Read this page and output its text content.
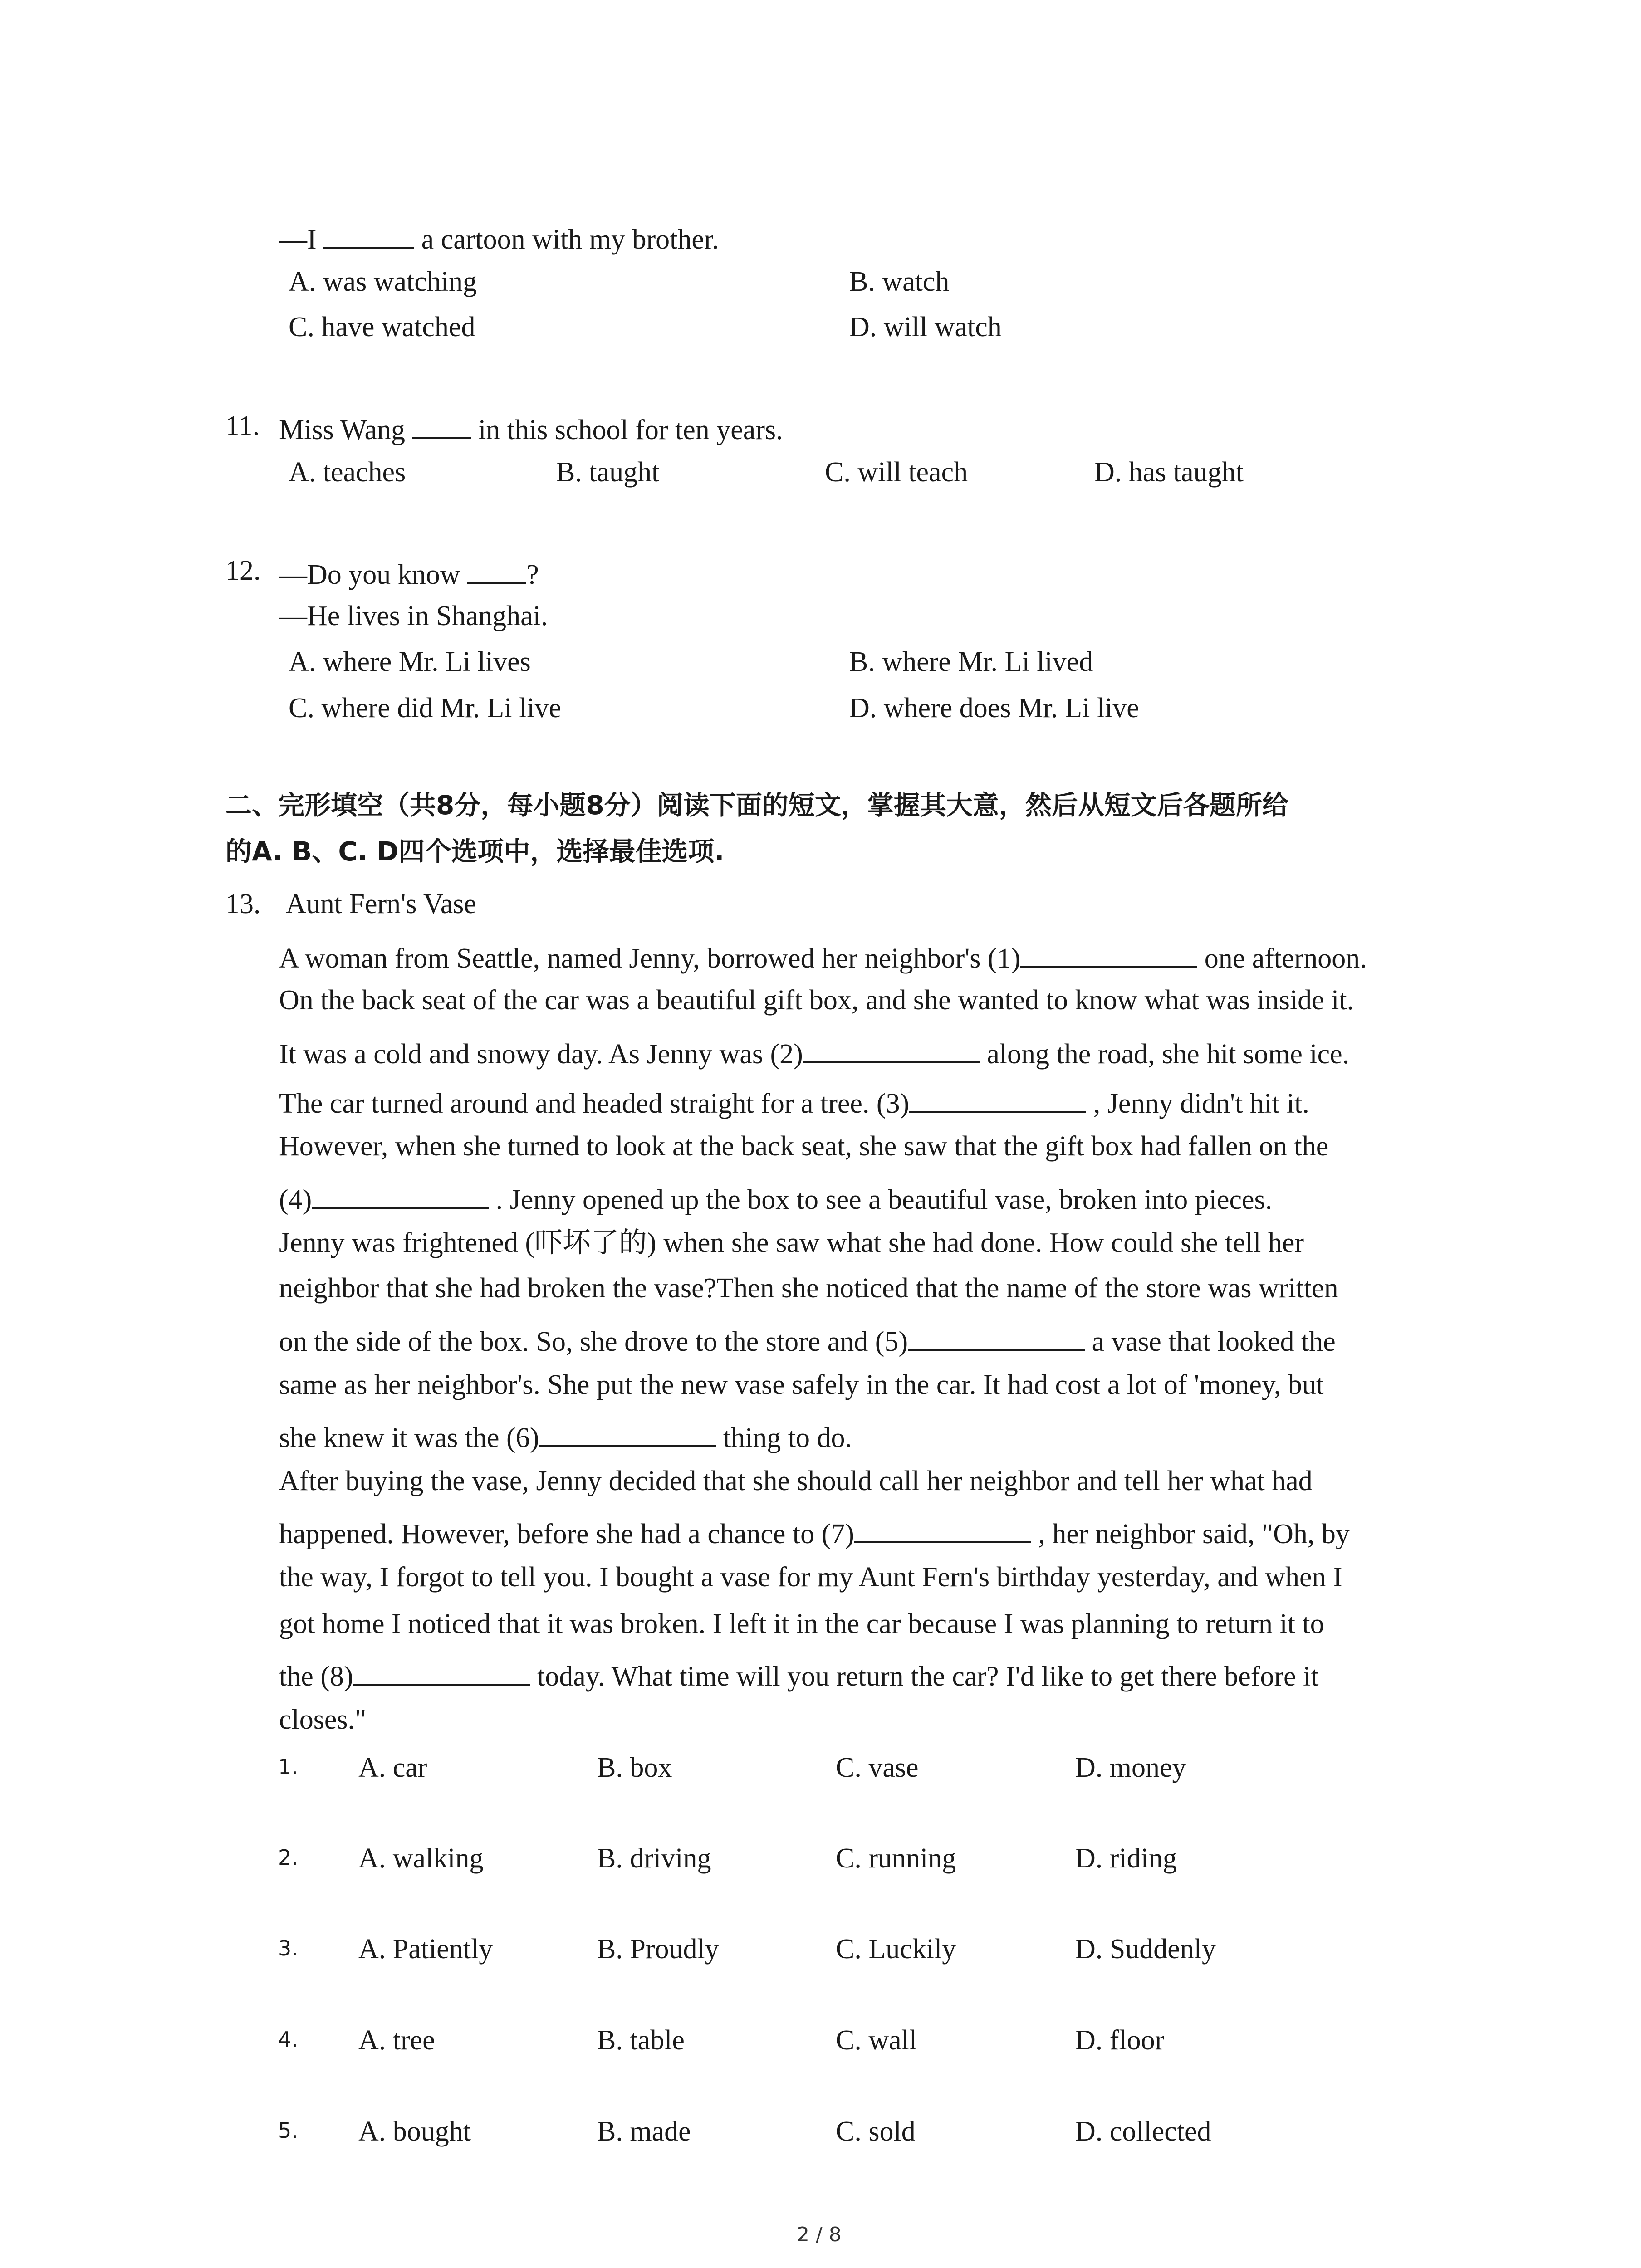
—I	a cartoon with my brother.
A. was watching	B. watch
C. have watched	D. will watch
11. Miss Wang  in this school for ten years.
A. teaches	B. taught	C. will teach	D. has taught
12. —Do you know ?
—He lives in Shanghai.
A. where Mr. Li lives	B. where Mr. Li lived
C. where did Mr. Li live	D. where does Mr. Li live
二、完形填空（共8分，每小题8分）阅读下面的短文，掌握其大意，然后从短文后各题所给
的A. B、C. D四个选项中，选择最佳选项.
13. Aunt Fern's Vase
A woman from Seattle, named Jenny, borrowed her neighbor's (1)	one afternoon.
On the back seat of the car was a beautiful gift box, and she wanted to know what was inside it.
It was a cold and snowy day. As Jenny was (2)	along the road, she hit some ice.
The car turned around and headed straight for a tree. (3)	, Jenny didn't hit it.
However, when she turned to look at the back seat, she saw that the gift box had fallen on the
(4)	. Jenny opened up the box to see a beautiful vase, broken into pieces.
Jenny was frightened (吓坏了的) when she saw what she had done. How could she tell her
neighbor that she had broken the vase?Then she noticed that the name of the store was written
on the side of the box. So, she drove to the store and (5)	a vase that looked the
same as her neighbor's. She put the new vase safely in the car. It had cost a lot of 'money, but
she knew it was the (6)	thing to do.
After buying the vase, Jenny decided that she should call her neighbor and tell her what had
happened. However, before she had a chance to (7)	, her neighbor said, "Oh, by
the way, I forgot to tell you. I bought a vase for my Aunt Fern's birthday yesterday, and when I
got home I noticed that it was broken. I left it in the car because I was planning to return it to
the (8)	today. What time will you return the car? I'd like to get there before it
closes."
1. A. car	B. box	C. vase	D. money
2. A. walking	B. driving	C. running	D. riding
3. A. Patiently	B. Proudly	C. Luckily	D. Suddenly
4. A. tree	B. table	C. wall	D. floor
5. A. bought	B. made	C. sold	D. collected
2 / 8
